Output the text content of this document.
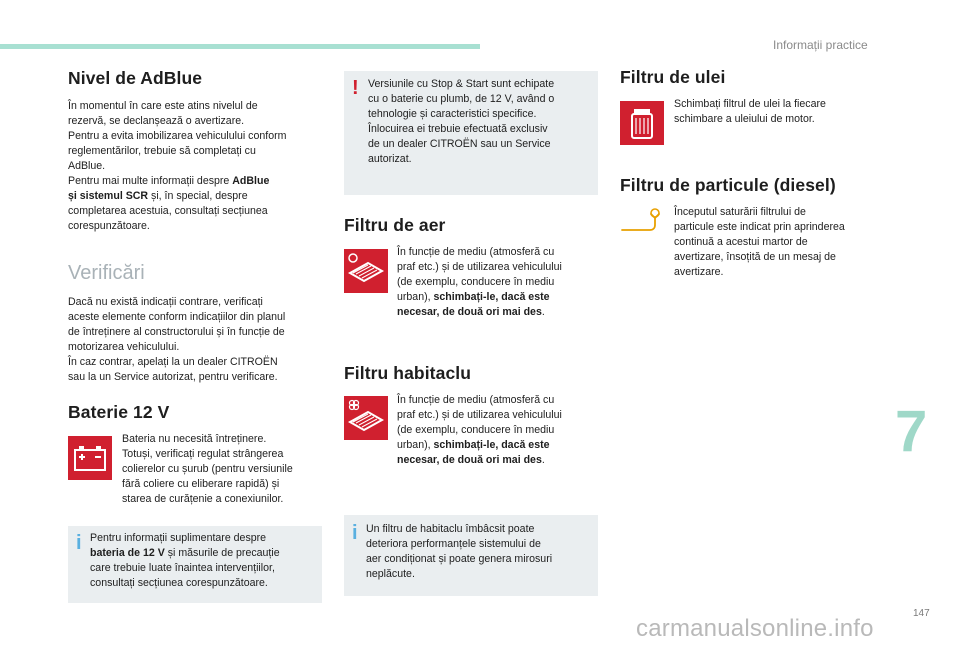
Informații practice
Nivel de AdBlue
În momentul în care este atins nivelul de
rezervă, se declanșează o avertizare.
Pentru a evita imobilizarea vehiculului conform
reglementărilor, trebuie să completați cu
AdBlue.
Pentru mai multe informații despre AdBlue
și sistemul SCR și, în special, despre
completarea acestuia, consultați secțiunea
corespunzătoare.
Verificări
Dacă nu există indicații contrare, verificați
aceste elemente conform indicațiilor din planul
de întreținere al constructorului și în funcție de
motorizarea vehiculului.
În caz contrar, apelați la un dealer CITROËN
sau la un Service autorizat, pentru verificare.
Baterie 12 V
Bateria nu necesită întreținere.
Totuși, verificați regulat strângerea
colierelor cu șurub (pentru versiunile
fără coliere cu eliberare rapidă) și
starea de curățenie a conexiunilor.
i Pentru informații suplimentare despre
bateria de 12 V și măsurile de precauție
care trebuie luate înaintea intervențiilor,
consultați secțiunea corespunzătoare.
! Versiunile cu Stop & Start sunt echipate
cu o baterie cu plumb, de 12 V, având o
tehnologie și caracteristici specifice.
Înlocuirea ei trebuie efectuată exclusiv
de un dealer CITROËN sau un Service
autorizat.
Filtru de aer
În funcție de mediu (atmosferă cu
praf etc.) și de utilizarea vehiculului
(de exemplu, conducere în mediu
urban), schimbați-le, dacă este
necesar, de două ori mai des.
Filtru habitaclu
În funcție de mediu (atmosferă cu
praf etc.) și de utilizarea vehiculului
(de exemplu, conducere în mediu
urban), schimbați-le, dacă este
necesar, de două ori mai des.
i Un filtru de habitaclu îmbâcsit poate
deteriora performanțele sistemului de
aer condiționat și poate genera mirosuri
neplăcute.
Filtru de ulei
Schimbați filtrul de ulei la fiecare
schimbare a uleiului de motor.
Filtru de particule (diesel)
Începutul saturării filtrului de
particule este indicat prin aprinderea
continuă a acestui martor de
avertizare, însoțită de un mesaj de
avertizare.
7
147
carmanualsonline.info
